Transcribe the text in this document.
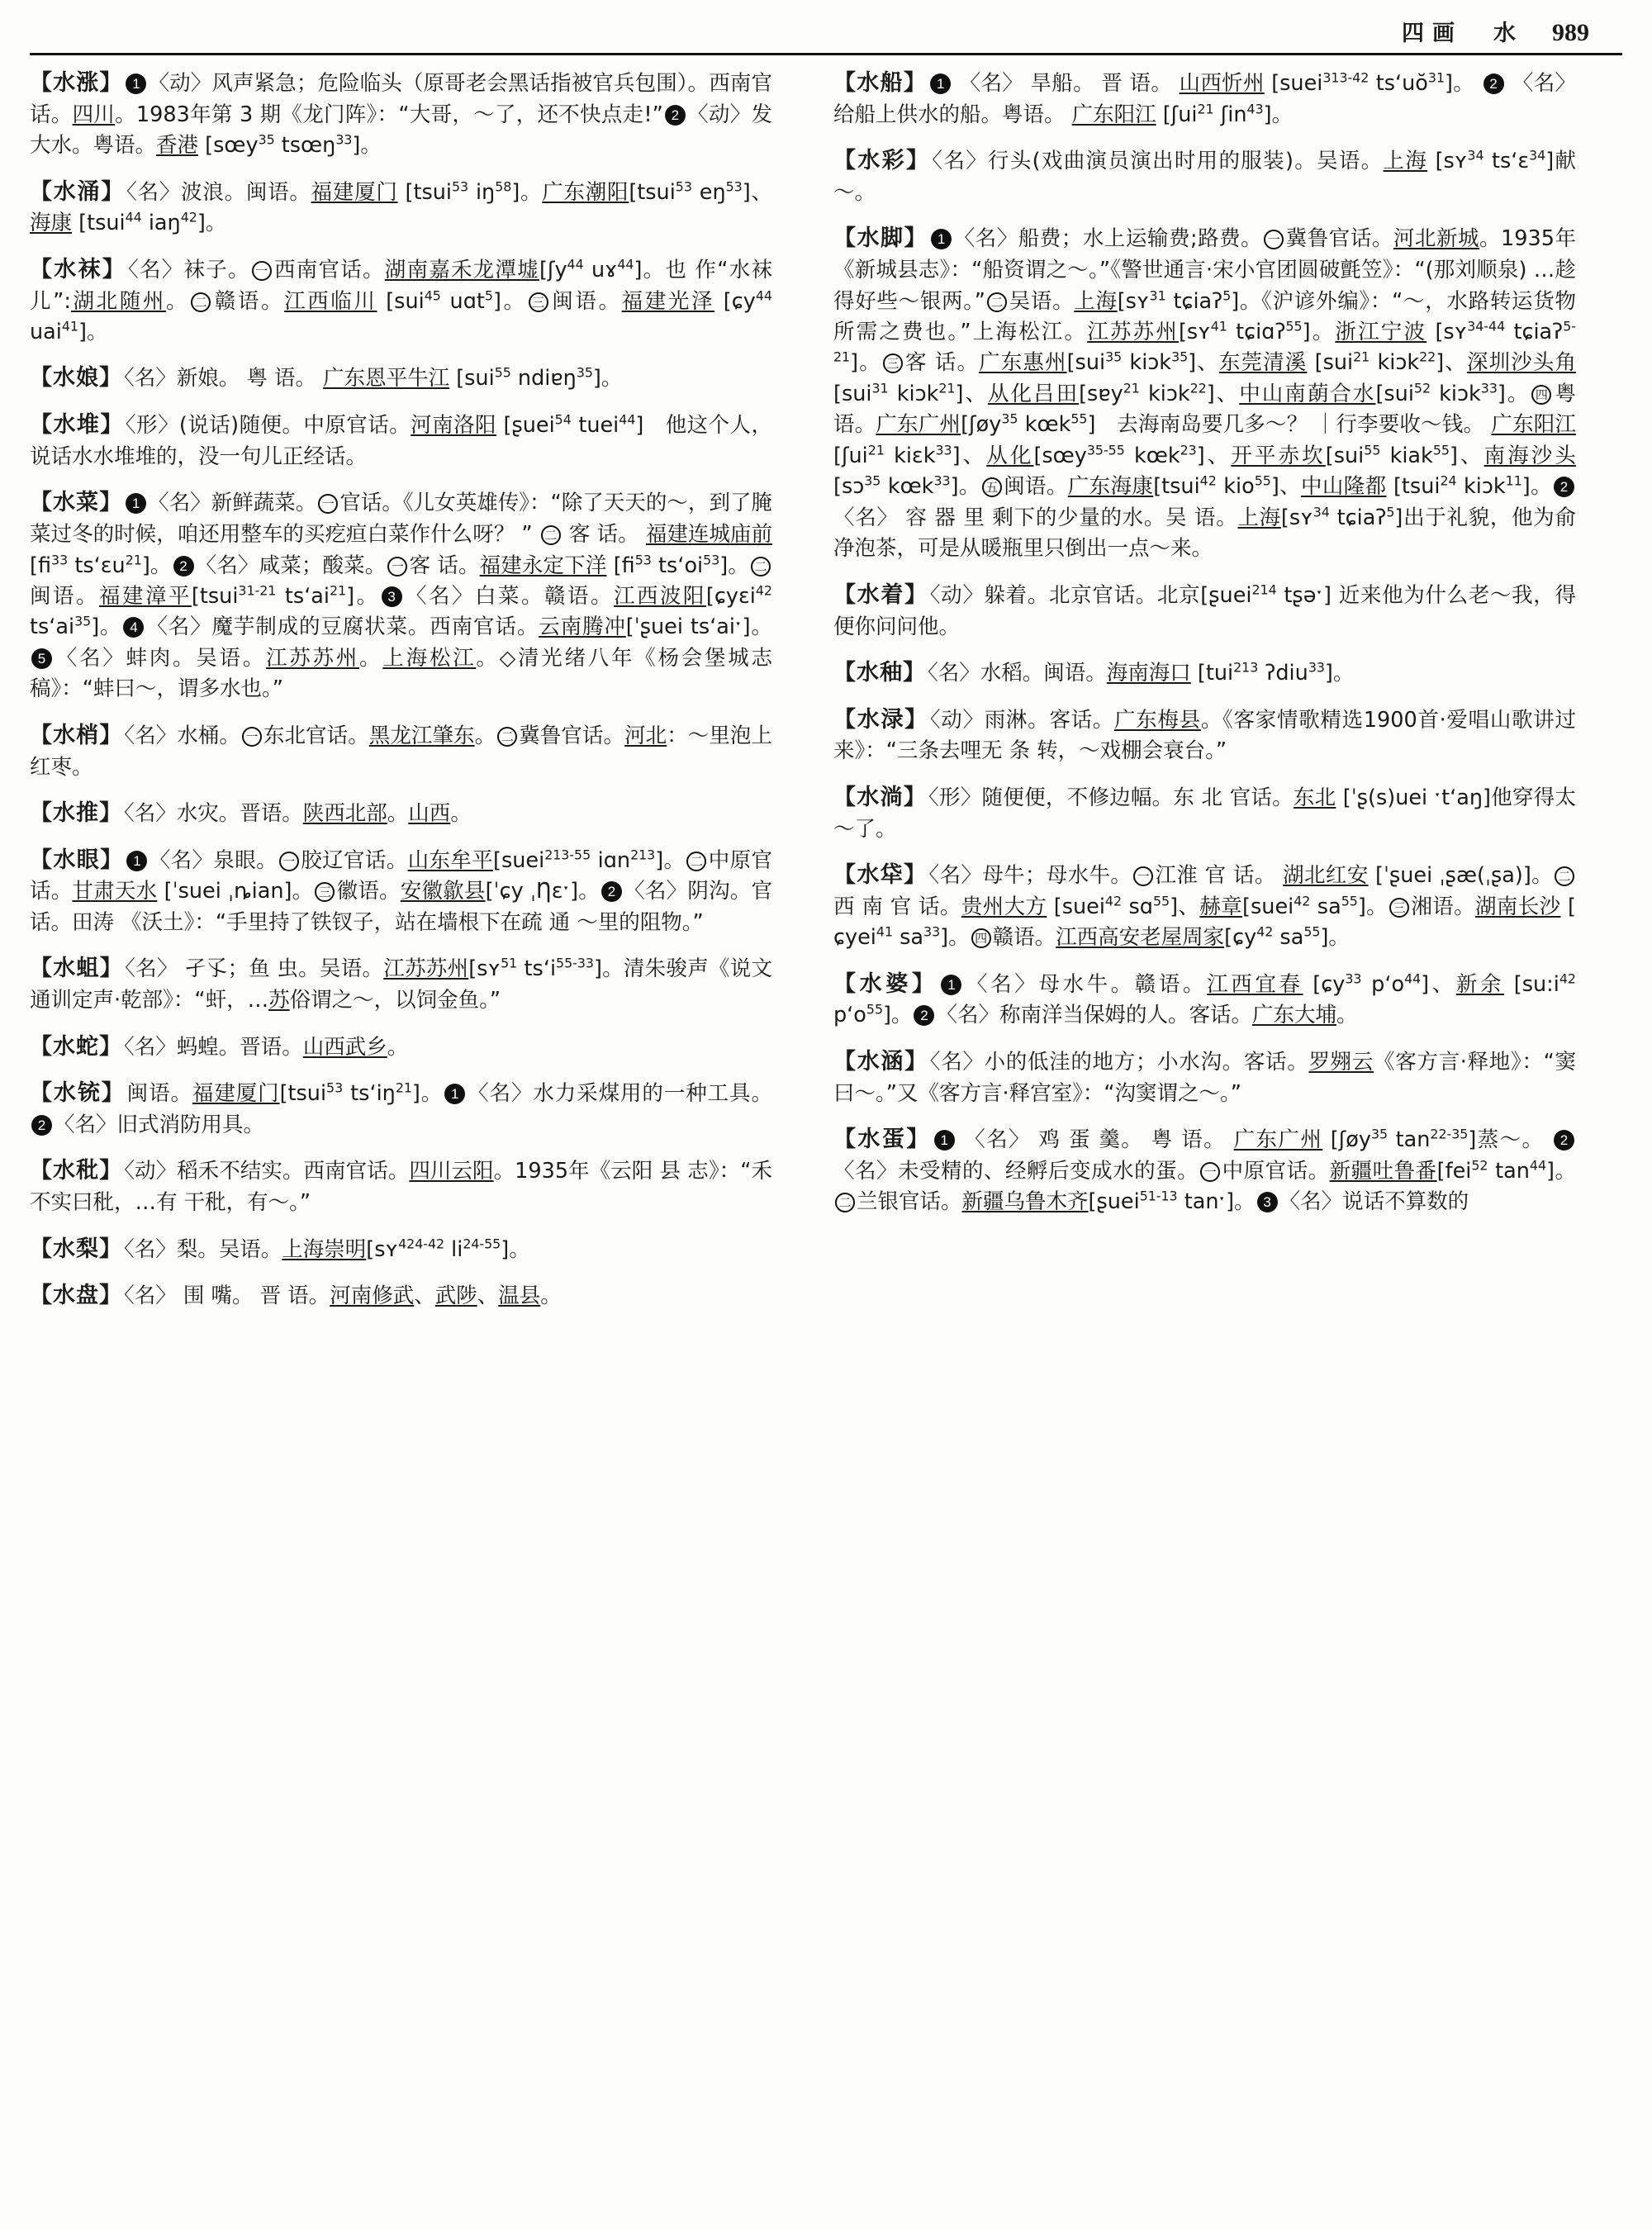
四画　水 989
【水涨】 1 〈动〉风声紧急；危险临头（原哥老会黑话指被官兵包围）。西南官话。四川。1983年第 3 期《龙门阵》：“大哥，～了，还不快点走!” 2 〈动〉发大水。粤语。香港 [sœy$^{35}$ tsœŋ$^{33}$]。
【水涌】〈名〉波浪。闽语。福建厦门 [tsui$^{53}$ $iŋ^{58}$]。广东潮阳[tsui$^{53}$ $eŋ^{53}$]、海康 [tsui$^{44}$ iaŋ$^{42}$]。
【水袜】〈名〉袜子。 一 西南官话。湖南嘉禾龙潭墟[ʃy$^{44}$ uɤ$^{44}$]。也 作“水袜 儿”:湖北随州。 二 赣语。江西临川 [sui$^{45}$ uɑt$^5$]。 三 闽语。福建光泽 [ɕy$^{44}$ uai$^{41}$]。
【水娘】〈名〉新娘。 粤 语。 广东恩平牛江 [sui$^{55}$ ndiɐŋ$^{35}$]。
【水堆】〈形〉(说话)随便。中原官话。河南洛阳 [ʂuei$^{54}$ tuei$^{44}$]　他这个人，说话水水堆堆的，没一句儿正经话。
【水菜】 1 〈名〉新鲜蔬菜。 一 官话。《儿女英雄传》：“除了天天的～，到了腌菜过冬的时候，咱还用整车的买疙疸白菜作什么呀？ ” 二 客 话。 福建连城庙前[$fi^{33}$ tsʻɛu$^{21}$]。 2 〈名〉咸菜；酸菜。 一 客 话。福建永定下洋 [$fi^{53}$ tsʻoi$^{53}$]。 二闽语。福建漳平[tsui$^{31-21}$ tsʻai$^{21}$]。 3 〈名〉白菜。赣语。江西波阳[ɕyɛi$^{42}$ tsʻai$^{35}$]。 4 〈名〉魔芋制成的豆腐状菜。西南官话。云南腾冲[ˈʂuei tsʻaiˑ]。5 〈名〉蚌肉。吴语。江苏苏州。上海松江。◇清光绪八年《杨会堡城志稿》：“蚌曰～，谓多水也。”
【水梢】〈名〉水桶。 一 东北官话。黑龙江肇东。 二 冀鲁官话。河北：～里泡上红枣。
【水推】〈名〉水灾。晋语。陕西北部。山西。
【水眼】 1 〈名〉泉眼。 一 胶辽官话。山东牟平[suei$^{213-55}$ iɑn$^{213}$]。 二 中原官话。甘肃天水 [ˈsuei ˌȵian]。 三 徽语。安徽歙县[ˈɕy ˌȠɛˑ]。 2 〈名〉阴沟。官话。田涛 《沃土》：“手里持了铁钗子，站在墙根下在疏 通 ～里的阻物。”
【水蛆】〈名〉 孑孓；鱼 虫。吴语。江苏苏州[sʏ$^{51}$ tsʻi$^{55-33}$]。清朱骏声《说文通训定声·乾部》：“虷，…苏俗谓之～，以饲金鱼。”
【水蛇】〈名〉蚂蝗。晋语。山西武乡。
【水铳】闽语。福建厦门[tsui$^{53}$ tsʻiŋ$^{21}$]。 1 〈名〉水力采煤用的一种工具。2 〈名〉旧式消防用具。
【水秕】〈动〉稻禾不结实。西南官话。四川云阳。1935年《云阳 县 志》：“禾不实曰秕，…有 干秕，有～。”
【水梨】〈名〉梨。吴语。上海崇明[sʏ$^{424-42}$ $li^{24-55}$]。
【水盘】〈名〉 围 嘴。 晋 语。河南修武、武陟、温县。
【水船】 1 〈名〉 旱船。 晋 语。 山西忻州 [suei$^{313-42}$ tsʻuŏ$^{31}$]。 2 〈名〉给船上供水的船。粤语。 广东阳江 [ʃui$^{21}$ ʃin$^{43}$]。
【水彩】〈名〉行头(戏曲演员演出时用的服装)。吴语。上海 [sʏ$^{34}$ tsʻɛ$^{34}$]献～。
【水脚】 1 〈名〉船费；水上运输费;路费。 一 冀鲁官话。河北新城。1935年《新城县志》：“船资谓之～。”《警世通言·宋小官团圆破氈笠》：“(那刘顺泉) …趁得好些～银两。” 二 吴语。上海[sʏ$^{31}$ tɕiaʔ$^5$]。《沪谚外编》：“～，水路转运货物所需之费也。”上海松江。江苏苏州[sʏ$^{41}$ tɕiɑʔ$^{55}$]。浙江宁波 [sʏ$^{34-44}$ tɕiaʔ$^{5-21}$]。 三 客 话。广东惠州[sui$^{35}$ kiɔk$^{35}$]、东莞清溪 [sui$^{21}$ kiɔk$^{22}$]、深圳沙头角[sui$^{31}$ kiɔk$^{21}$]、从化吕田[sɐy$^{21}$ kiɔk$^{22}$]、中山南蓢合水[sui$^{52}$ kiɔk$^{33}$]。 四 粤语。广东广州[ʃøy$^{35}$ kœk$^{55}$]　去海南岛要几多～？ ｜行李要收～钱。 广东阳江 [ʃui$^{21}$ kiɛk$^{33}$]、从化[sœy$^{35-55}$ kœk$^{23}$]、开平赤坎[sui$^{55}$ kiak$^{55}$]、南海沙头[sɔ$^{35}$ kœk$^{33}$]。 五 闽语。广东海康[tsui$^{42}$ kio$^{55}$]、中山隆都 [tsui$^{24}$ kiɔk$^{11}$]。 2 〈名〉 容 器 里 剩下的少量的水。吴 语。上海[sʏ$^{34}$ tɕiaʔ$^5$]出于礼貌，他为俞净泡茶，可是从暖瓶里只倒出一点～来。
【水着】〈动〉躲着。北京官话。北京[ʂuei$^{214}$ tʂəˑ] 近来他为什么老～我，得便你问问他。
【水秞】〈名〉水稻。闽语。海南海口 [tui$^{213}$ ʔdiu$^{33}$]。
【水渌】〈动〉雨淋。客话。广东梅县。《客家情歌精选1900首·爱唱山歌讲过来》：“三条去哩无 条 转，～戏棚会衰台。”
【水淌】〈形〉随便便，不修边幅。东 北 官话。东北 [ˈʂ(s)uei ˑtʻaŋ]他穿得太～了。
【水牮】〈名〉母牛；母水牛。 一 江淮 官 话。 湖北红安 [ˈʂuei ˌʂæ(ˌʂa)]。 二西 南 官 话。贵州大方 [suei$^{42}$ sɑ$^{55}$]、赫章[suei$^{42}$ $sa^{55}$]。 三 湘语。湖南长沙 [ ɕyei$^{41}$ $sa^{33}$]。 四 赣语。江西高安老屋周家[ɕy$^{42}$ $sa^{55}$]。
【水婆】 1 〈名〉母水牛。赣语。江西宜春 [ɕy$^{33}$ pʻo$^{44}$]、新余 [$su:i^{42}$ pʻo$^{55}$]。 2 〈名〉称南洋当保姆的人。客话。广东大埔。
【水涵】〈名〉小的低洼的地方；小水沟。客话。罗翙云《客方言·释地》：“窦曰～。”又《客方言·释宫室》：“沟窦谓之～。”
【水蛋】 1 〈名〉 鸡 蛋 羹。 粤 语。 广东广州 [ʃøy$^{35}$ $\tan^{22-35}$]蒸～。 2〈名〉未受精的、经孵后变成水的蛋。 一 中原官话。新疆吐鲁番[fei$^{52}$ $\tan^{44}$]。二 兰银官话。新疆乌鲁木齐[ʂuei$^{51-13}$ tanˑ]。 3 〈名〉说话不算数的
